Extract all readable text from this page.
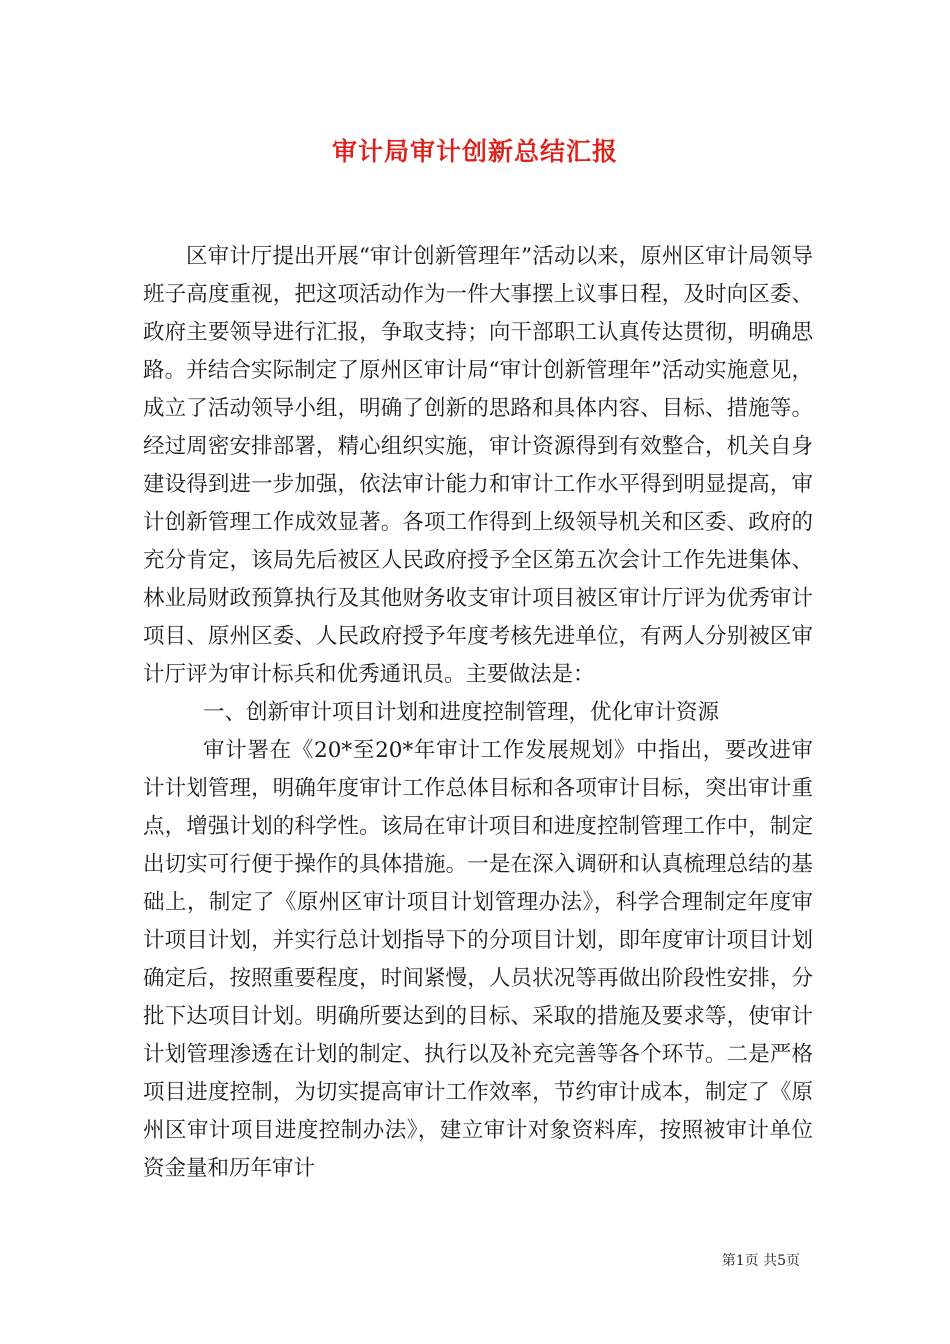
审计局审计创新总结汇报

区审计厅提出开展“审计创新管理年”活动以来，原州区审计局领导班子高度重视，把这项活动作为一件大事摆上议事日程，及时向区委、政府主要领导进行汇报，争取支持；向干部职工认真传达贯彻，明确思路。并结合实际制定了原州区审计局“审计创新管理年”活动实施意见，成立了活动领导小组，明确了创新的思路和具体内容、目标、措施等。经过周密安排部署，精心组织实施，审计资源得到有效整合，机关自身建设得到进一步加强，依法审计能力和审计工作水平得到明显提高，审计创新管理工作成效显著。各项工作得到上级领导机关和区委、政府的充分肯定，该局先后被区人民政府授予全区第五次会计工作先进集体、林业局财政预算执行及其他财务收支审计项目被区审计厅评为优秀审计项目、原州区委、人民政府授予年度考核先进单位，有两人分别被区审计厅评为审计标兵和优秀通讯员。主要做法是：

一、创新审计项目计划和进度控制管理，优化审计资源

审计署在《20*至20*年审计工作发展规划》中指出，要改进审计计划管理，明确年度审计工作总体目标和各项审计目标，突出审计重点，增强计划的科学性。该局在审计项目和进度控制管理工作中，制定出切实可行便于操作的具体措施。一是在深入调研和认真梳理总结的基础上，制定了《原州区审计项目计划管理办法》，科学合理制定年度审计项目计划，并实行总计划指导下的分项目计划，即年度审计项目计划确定后，按照重要程度，时间紧慢，人员状况等再做出阶段性安排，分批下达项目计划。明确所要达到的目标、采取的措施及要求等，使审计计划管理渗透在计划的制定、执行以及补充完善等各个环节。二是严格项目进度控制，为切实提高审计工作效率，节约审计成本，制定了《原州区审计项目进度控制办法》，建立审计对象资料库，按照被审计单位资金量和历年审计

第1页 共5页
